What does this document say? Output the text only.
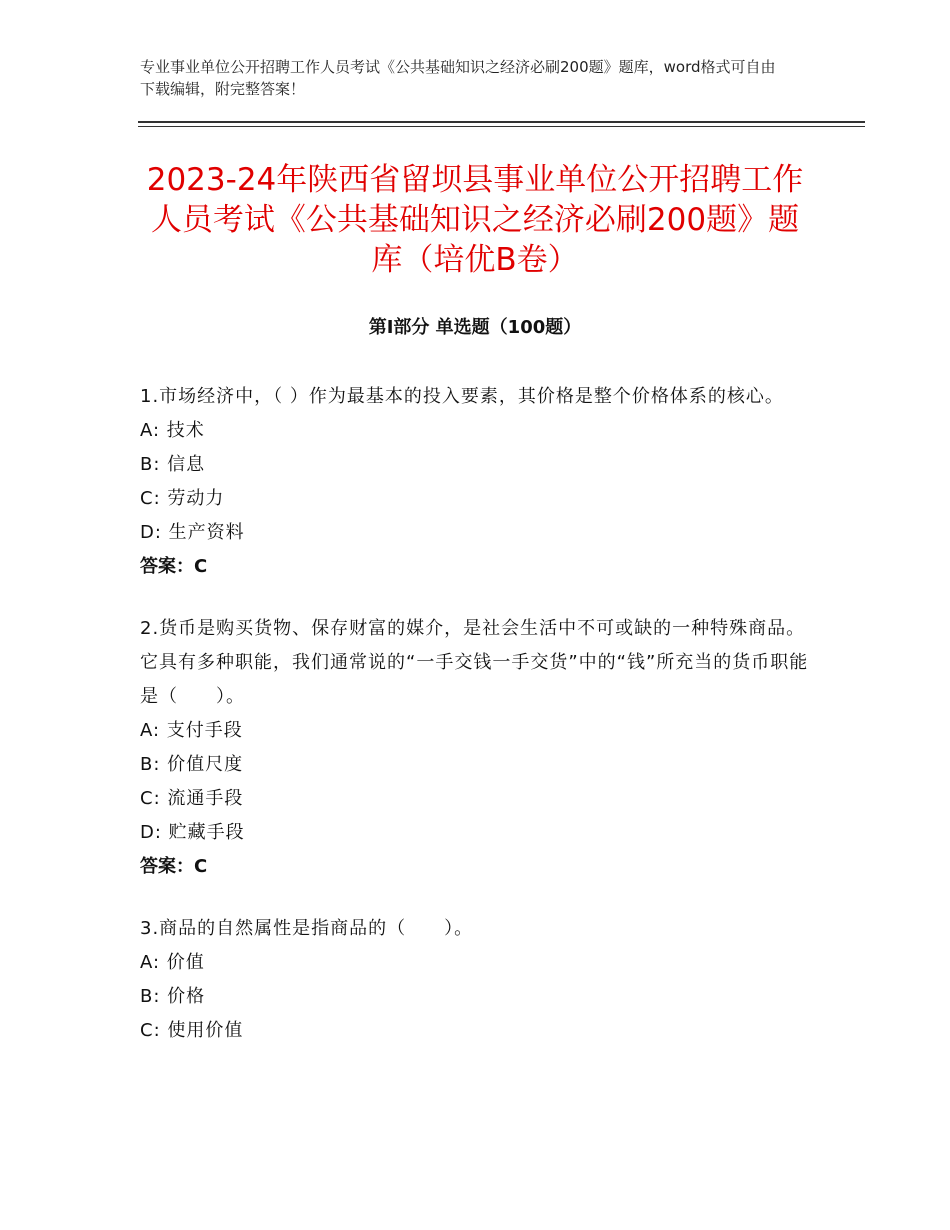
专业事业单位公开招聘工作人员考试《公共基础知识之经济必刷200题》题库，word格式可自由下载编辑，附完整答案！
2023-24年陕西省留坝县事业单位公开招聘工作人员考试《公共基础知识之经济必刷200题》题库（培优B卷）
第Ⅰ部分 单选题（100题）
1.市场经济中，（ ）作为最基本的投入要素，其价格是整个价格体系的核心。
A: 技术
B: 信息
C: 劳动力
D: 生产资料
答案：C
2.货币是购买货物、保存财富的媒介，是社会生活中不可或缺的一种特殊商品。它具有多种职能，我们通常说的“一手交钱一手交货”中的“钱”所充当的货币职能是（　　）。
A: 支付手段
B: 价值尺度
C: 流通手段
D: 贮藏手段
答案：C
3.商品的自然属性是指商品的（　　）。
A: 价值
B: 价格
C: 使用价值
